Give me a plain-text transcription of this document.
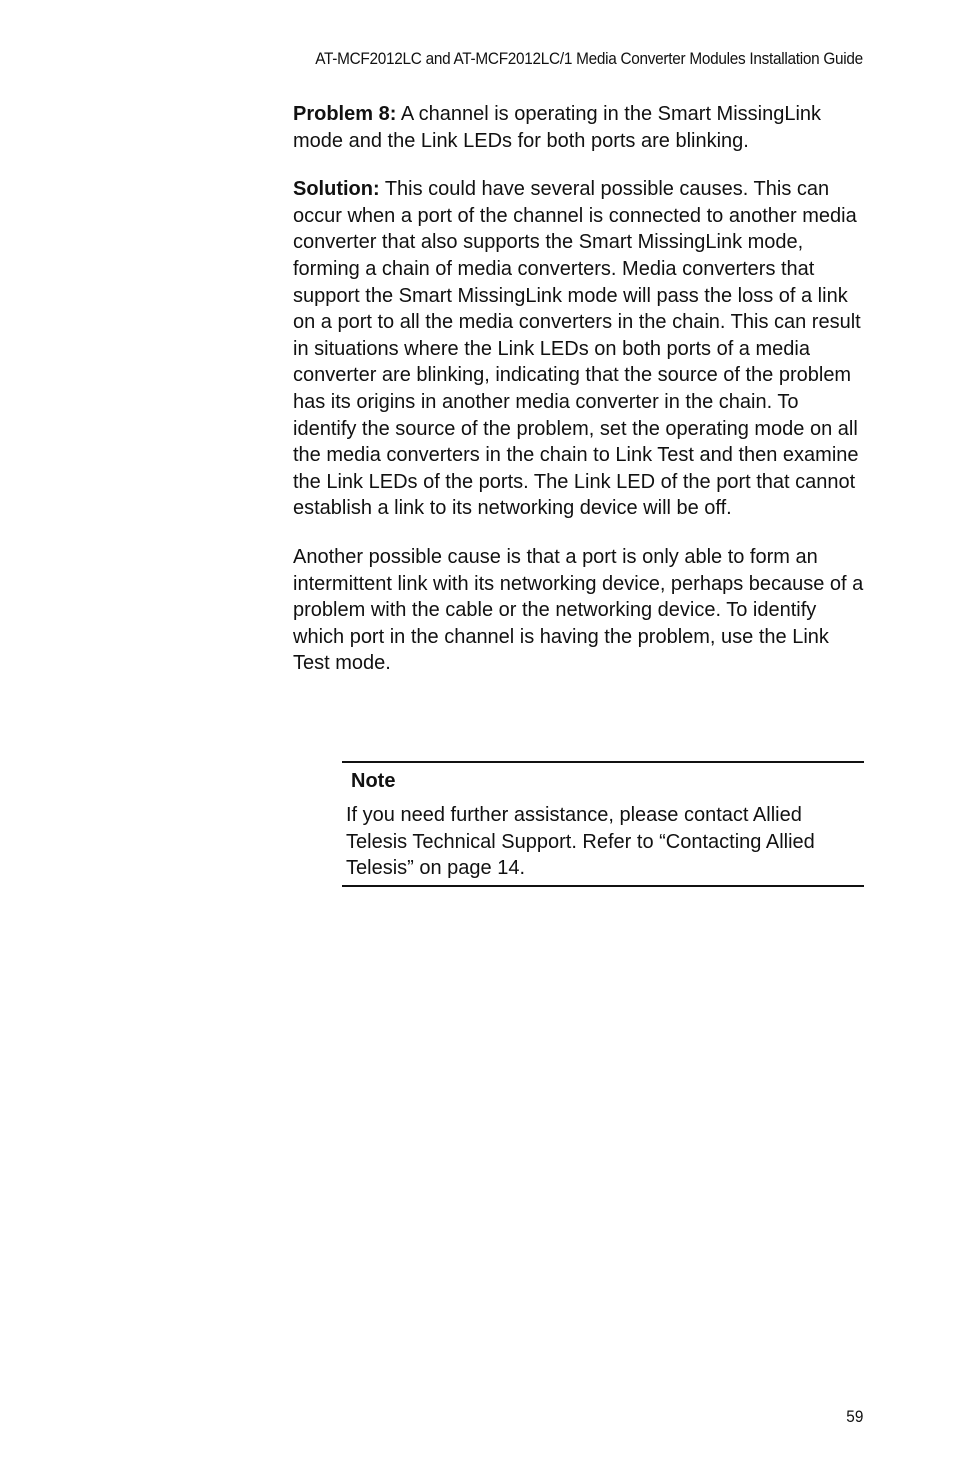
AT-MCF2012LC and AT-MCF2012LC/1 Media Converter Modules Installation Guide

Problem 8: A channel is operating in the Smart MissingLink mode and the Link LEDs for both ports are blinking.

Solution: This could have several possible causes. This can occur when a port of the channel is connected to another media converter that also supports the Smart MissingLink mode, forming a chain of media converters. Media converters that support the Smart MissingLink mode will pass the loss of a link on a port to all the media converters in the chain. This can result in situations where the Link LEDs on both ports of a media converter are blinking, indicating that the source of the problem has its origins in another media converter in the chain. To identify the source of the problem, set the operating mode on all the media converters in the chain to Link Test and then examine the Link LEDs of the ports. The Link LED of the port that cannot establish a link to its networking device will be off.

Another possible cause is that a port is only able to form an intermittent link with its networking device, perhaps because of a problem with the cable or the networking device. To identify which port in the channel is having the problem, use the Link Test mode.

Note
If you need further assistance, please contact Allied Telesis Technical Support. Refer to “Contacting Allied Telesis” on page 14.
59
